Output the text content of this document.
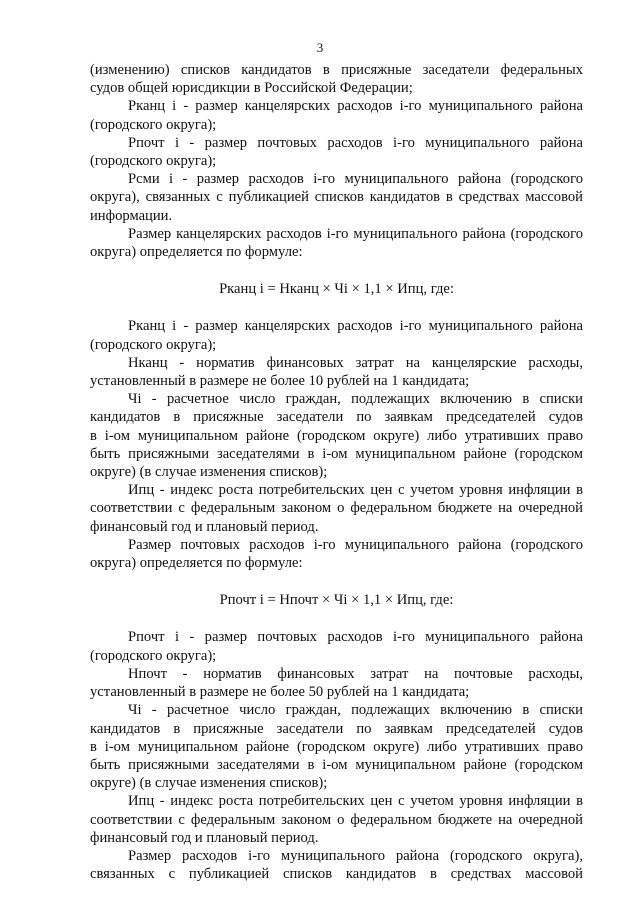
3

(изменению) списков кандидатов в присяжные заседатели федеральных

судов общей юрисдикции в Российской Федерации;

Рканц i - размер канцелярских расходов i-го муниципального района

(городского округа);

Рпочт i - размер почтовых расходов i-го муниципального района

(городского округа);

Рсми i - размер расходов i-го муниципального района (городского

округа), связанных с публикацией списков кандидатов в средствах массовой

информации.

Размер канцелярских расходов i-го муниципального района (городского

округа) определяется по формуле:

Рканц i = Нканц × Чi × 1,1 × Ипц, где:

Рканц i - размер канцелярских расходов i-го муниципального района

(городского округа);

Нканц - норматив финансовых затрат на канцелярские расходы,

установленный в размере не более 10 рублей на 1 кандидата;

Чi - расчетное число граждан, подлежащих включению в списки

кандидатов в присяжные заседатели по заявкам председателей судов

в i-ом муниципальном районе (городском округе) либо утративших право

быть присяжными заседателями в i-ом муниципальном районе (городском

округе) (в случае изменения списков);

Ипц - индекс роста потребительских цен с учетом уровня инфляции в

соответствии с федеральным законом о федеральном бюджете на очередной

финансовый год и плановый период.

Размер почтовых расходов i-го муниципального района (городского

округа) определяется по формуле:

Рпочт i = Нпочт × Чi × 1,1 × Ипц, где:

Рпочт i - размер почтовых расходов i-го муниципального района

(городского округа);

Нпочт - норматив финансовых затрат на почтовые расходы,

установленный в размере не более 50 рублей на 1 кандидата;

Чi - расчетное число граждан, подлежащих включению в списки

кандидатов в присяжные заседатели по заявкам председателей судов

в i-ом муниципальном районе (городском округе) либо утративших право

быть присяжными заседателями в i-ом муниципальном районе (городском

округе) (в случае изменения списков);

Ипц - индекс роста потребительских цен с учетом уровня инфляции в

соответствии с федеральным законом о федеральном бюджете на очередной

финансовый год и плановый период.

Размер расходов i-го муниципального района (городского округа),

связанных с публикацией списков кандидатов в средствах массовой
